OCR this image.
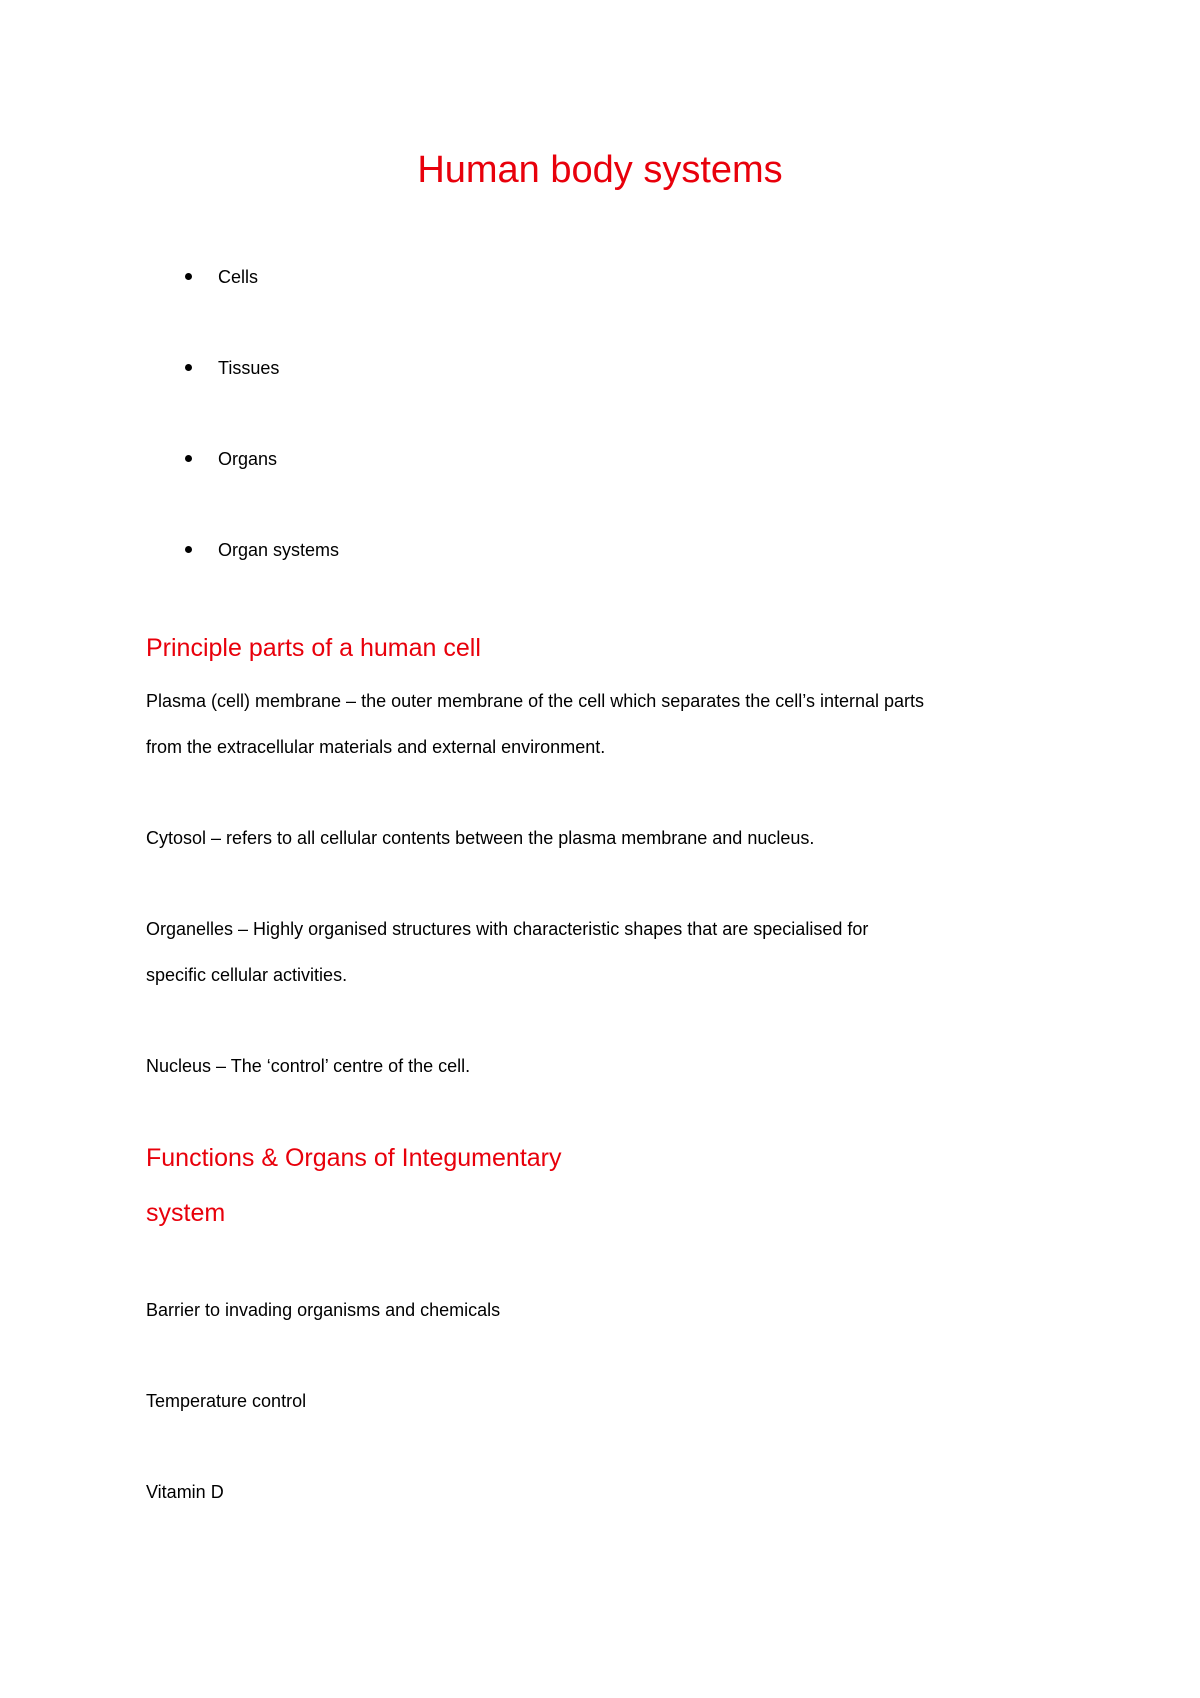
Human body systems
Cells
Tissues
Organs
Organ systems
Principle parts of a human cell
Plasma (cell) membrane – the outer membrane of the cell which separates the cell’s internal parts
from the extracellular materials and external environment.
Cytosol – refers to all cellular contents between the plasma membrane and nucleus.
Organelles – Highly organised structures with characteristic shapes that are specialised for
specific cellular activities.
Nucleus – The ‘control’ centre of the cell.
Functions & Organs of Integumentary
system
Barrier to invading organisms and chemicals
Temperature control
Vitamin D
